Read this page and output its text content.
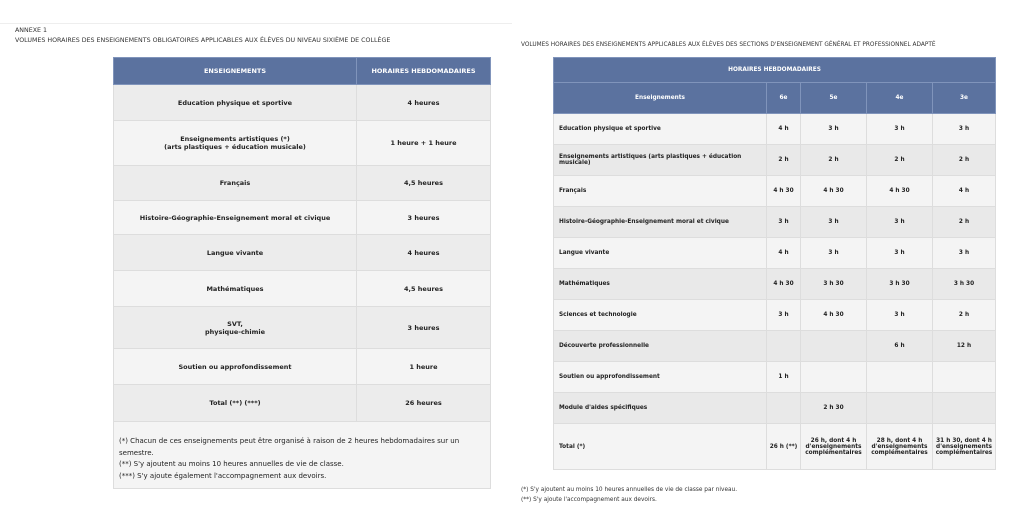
ANNEXE 1
VOLUMES HORAIRES DES ENSEIGNEMENTS OBLIGATOIRES APPLICABLES AUX ÉLÈVES DU NIVEAU SIXIÈME DE COLLÈGE
ENSEIGNEMENTS	HORAIRES HEBDOMADAIRES
Education physique et sportive	4 heures
Enseignements artistiques (*)
(arts plastiques + éducation musicale)	1 heure + 1 heure
Français	4,5 heures
Histoire-Géographie-Enseignement moral et civique	3 heures
Langue vivante	4 heures
Mathématiques	4,5 heures
SVT,
physique-chimie	3 heures
Soutien ou approfondissement	1 heure
Total (**) (***)	26 heures

(*) Chacun de ces enseignements peut être organisé à raison de 2 heures hebdomadaires sur un semestre.
(**) S'y ajoutent au moins 10 heures annuelles de vie de classe.
(***) S'y ajoute également l'accompagnement aux devoirs.	
VOLUMES HORAIRES DES ENSEIGNEMENTS APPLICABLES AUX ÉLÈVES DES SECTIONS D'ENSEIGNEMENT GÉNÉRAL ET PROFESSIONNEL ADAPTÉ
HORAIRES HEBDOMADAIRES				
Enseignements	6e	5e	4e	3e
Education physique et sportive	4 h	3 h	3 h	3 h
Enseignements artistiques (arts plastiques + éducation musicale)	2 h	2 h	2 h	2 h
Français	4 h 30	4 h 30	4 h 30	4 h
Histoire-Géographie-Enseignement moral et civique	3 h	3 h	3 h	2 h
Langue vivante	4 h	3 h	3 h	3 h
Mathématiques	4 h 30	3 h 30	3 h 30	3 h 30
Sciences et technologie	3 h	4 h 30	3 h	2 h
Découverte professionnelle			6 h	12 h
Soutien ou approfondissement	1 h			
Module d'aides spécifiques		2 h 30		
Total (*)	26 h (**)	26 h, dont 4 h d'enseignements complémentaires	28 h, dont 4 h d'enseignements complémentaires	31 h 30, dont 4 h d'enseignements complémentaires
(*) S'y ajoutent au moins 10 heures annuelles de vie de classe par niveau.
(**) S'y ajoute l'accompagnement aux devoirs.
